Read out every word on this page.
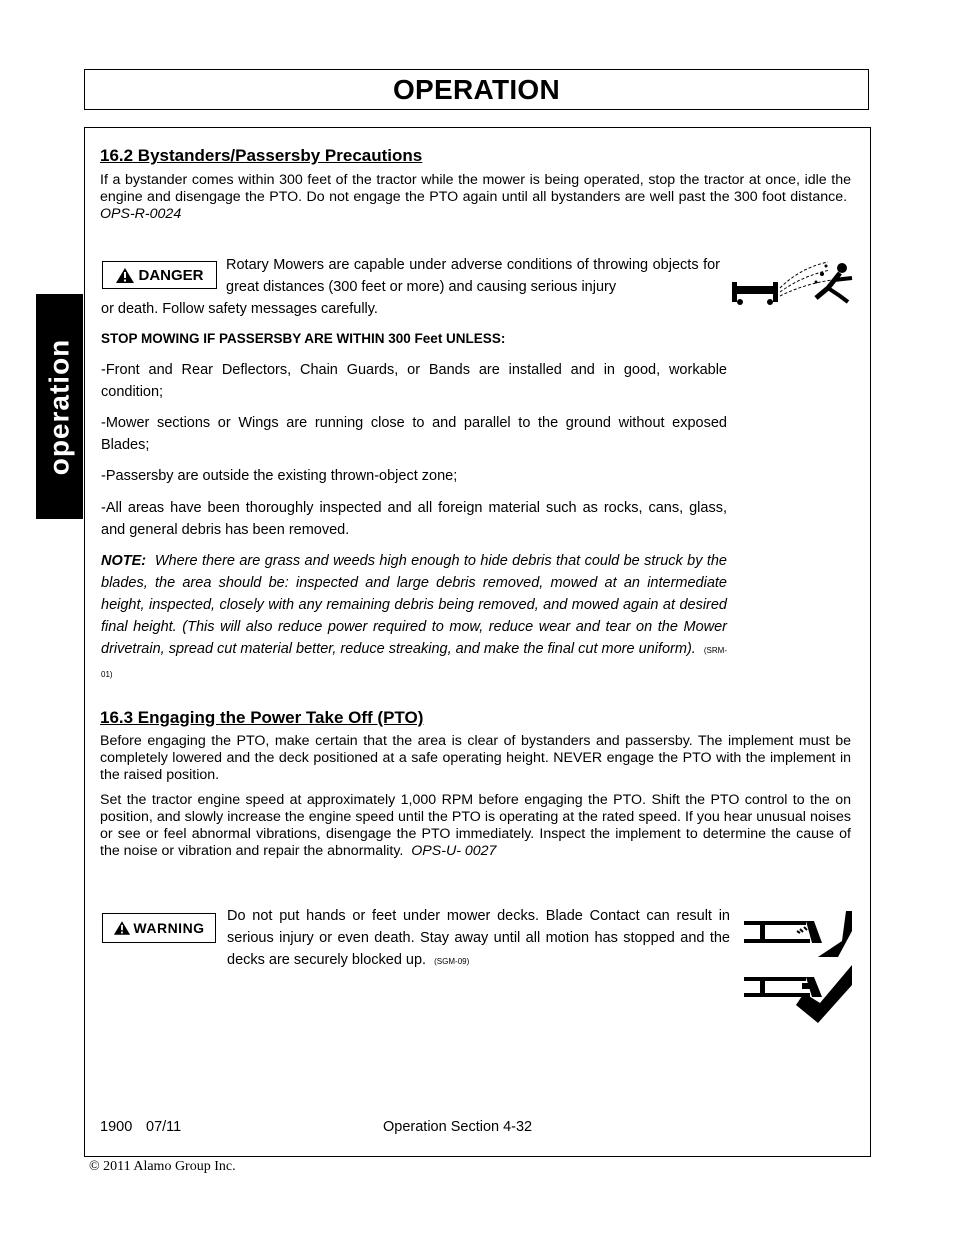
OPERATION
operation
16.2 Bystanders/Passersby Precautions
If a bystander comes within 300 feet of the tractor while the mower is being operated, stop the tractor at once, idle the engine and disengage the PTO. Do not engage the PTO again until all bystanders are well past the 300 foot distance.  OPS-R-0024
DANGER
Rotary Mowers are capable under adverse conditions of throwing objects for great distances (300 feet or more) and causing serious injury
or death. Follow safety messages carefully.
STOP MOWING IF PASSERSBY ARE WITHIN 300 Feet UNLESS:
-Front and Rear Deflectors, Chain Guards, or Bands are installed and in good, workable condition;
-Mower sections or Wings are running close to and parallel to the ground without exposed Blades;
-Passersby are outside the existing thrown-object zone;
-All areas have been thoroughly inspected and all foreign material such as rocks, cans, glass, and general debris has been removed.
NOTE: Where there are grass and weeds high enough to hide debris that could be struck by the blades, the area should be: inspected and large debris removed, mowed at an intermediate height, inspected, closely with any remaining debris being removed, and mowed again at desired final height. (This will also reduce power required to mow, reduce wear and tear on the Mower drivetrain, spread cut material better, reduce streaking, and make the final cut more uniform). (SRM-01)
16.3 Engaging the Power Take Off (PTO)
Before engaging the PTO, make certain that the area is clear of bystanders and passersby. The implement must be completely lowered and the deck positioned at a safe operating height. NEVER engage the PTO with the implement in the raised position.
Set the tractor engine speed at approximately 1,000 RPM before engaging the PTO. Shift the PTO control to the on position, and slowly increase the engine speed until the PTO is operating at the rated speed. If you hear unusual noises or see or feel abnormal vibrations, disengage the PTO immediately. Inspect the implement to determine the cause of the noise or vibration and repair the abnormality. OPS-U- 0027
WARNING
Do not put hands or feet under mower decks. Blade Contact can result in serious injury or even death. Stay away until all motion has stopped and the decks are securely blocked up. (SGM-09)
1900 07/11	Operation Section 4-32
© 2011 Alamo Group Inc.
